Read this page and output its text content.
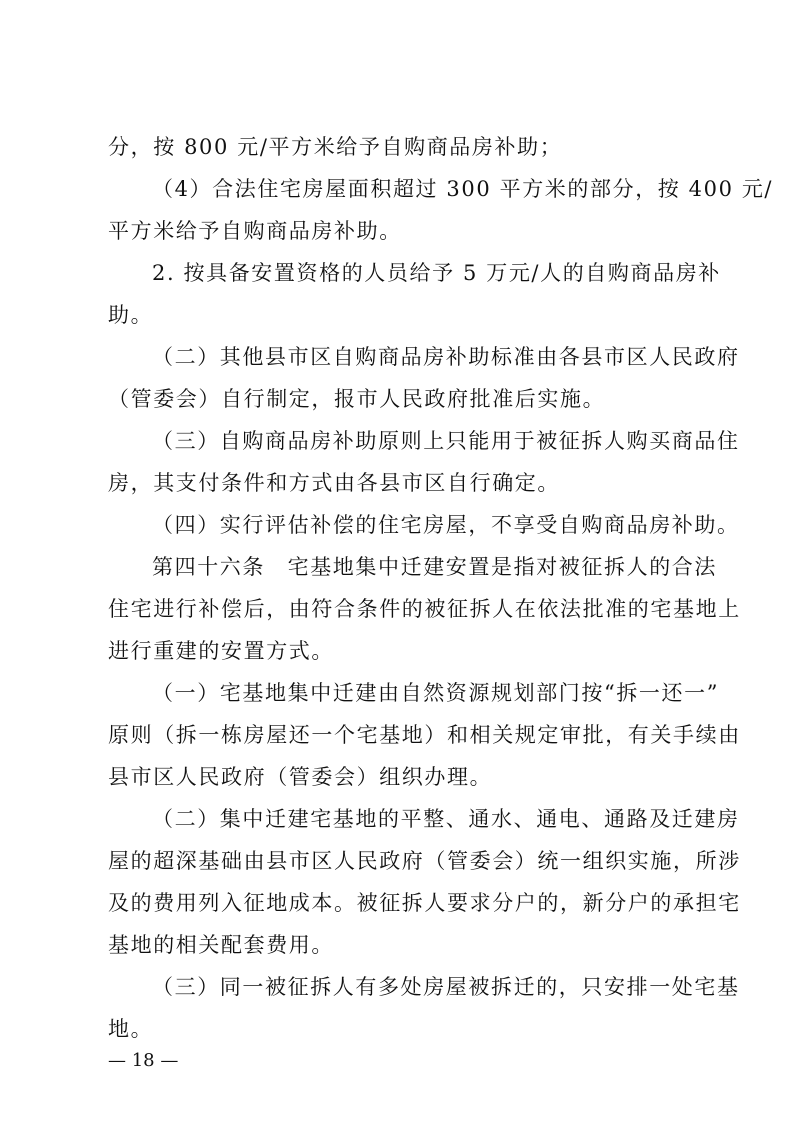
分，按 800 元/平方米给予自购商品房补助；
（4）合法住宅房屋面积超过 300 平方米的部分，按 400 元/
平方米给予自购商品房补助。
2. 按具备安置资格的人员给予 5 万元/人的自购商品房补
助。
（二）其他县市区自购商品房补助标准由各县市区人民政府
（管委会）自行制定，报市人民政府批准后实施。
（三）自购商品房补助原则上只能用于被征拆人购买商品住
房，其支付条件和方式由各县市区自行确定。
（四）实行评估补偿的住宅房屋，不享受自购商品房补助。
第四十六条　宅基地集中迁建安置是指对被征拆人的合法
住宅进行补偿后，由符合条件的被征拆人在依法批准的宅基地上
进行重建的安置方式。
（一）宅基地集中迁建由自然资源规划部门按“拆一还一”
原则（拆一栋房屋还一个宅基地）和相关规定审批，有关手续由
县市区人民政府（管委会）组织办理。
（二）集中迁建宅基地的平整、通水、通电、通路及迁建房
屋的超深基础由县市区人民政府（管委会）统一组织实施，所涉
及的费用列入征地成本。被征拆人要求分户的，新分户的承担宅
基地的相关配套费用。
（三）同一被征拆人有多处房屋被拆迁的，只安排一处宅基
地。
— 18 —
